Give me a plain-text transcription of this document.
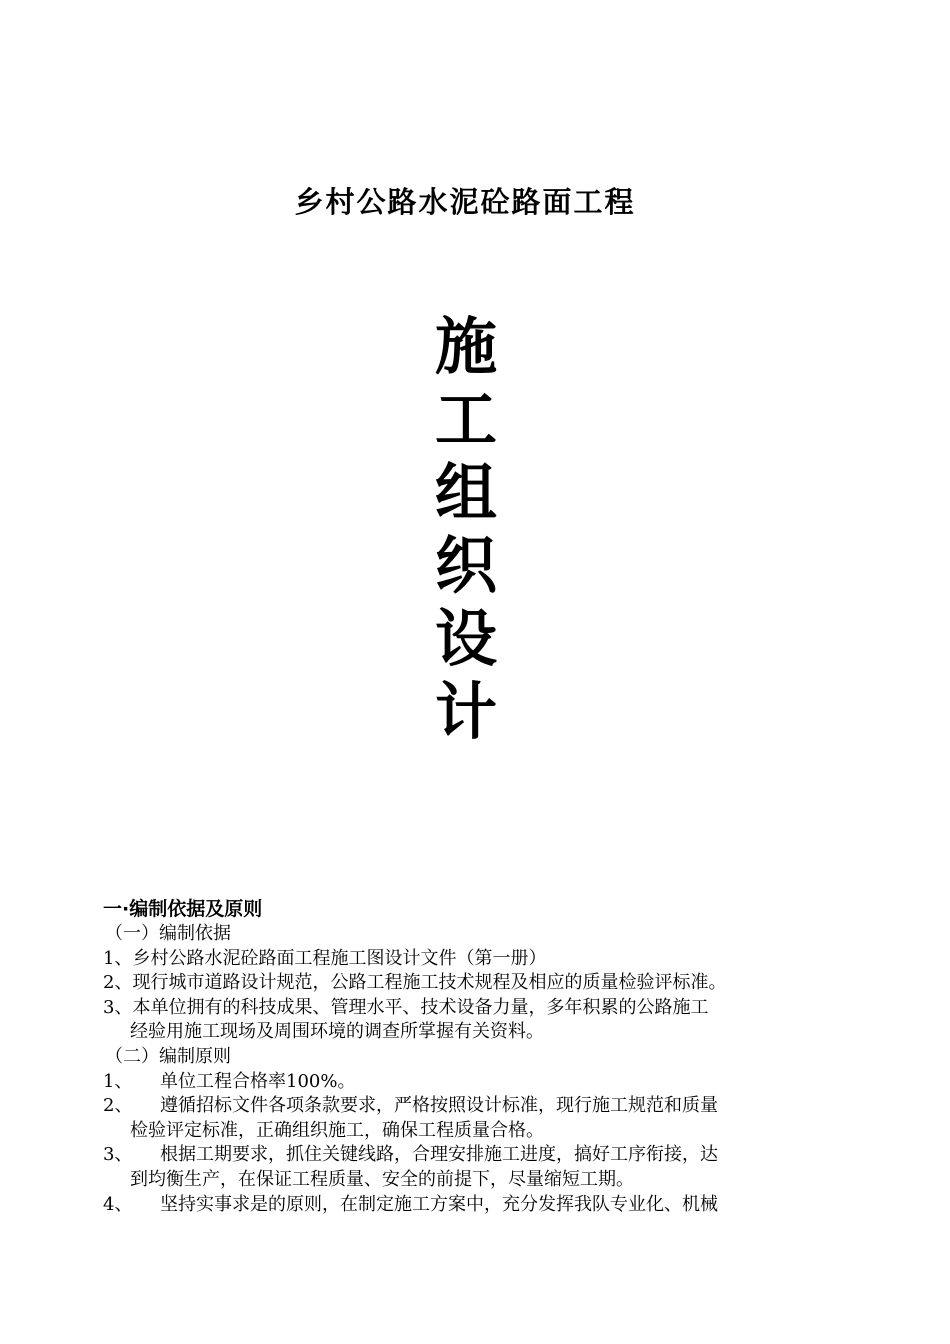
乡村公路水泥砼路面工程
施
工
组
织
设
计
一·编制依据及原则
（一）编制依据
1、乡村公路水泥砼路面工程施工图设计文件（第一册）
2、现行城市道路设计规范，公路工程施工技术规程及相应的质量检验评标准。
3、本单位拥有的科技成果、管理水平、技术设备力量，多年积累的公路施工
经验用施工现场及周围环境的调查所掌握有关资料。
（二）编制原则
1、	单位工程合格率100%。
2、	遵循招标文件各项条款要求，严格按照设计标准，现行施工规范和质量
检验评定标准，正确组织施工，确保工程质量合格。
3、	根据工期要求，抓住关键线路，合理安排施工进度，搞好工序衔接，达
到均衡生产，在保证工程质量、安全的前提下，尽量缩短工期。
4、	坚持实事求是的原则，在制定施工方案中，充分发挥我队专业化、机械
